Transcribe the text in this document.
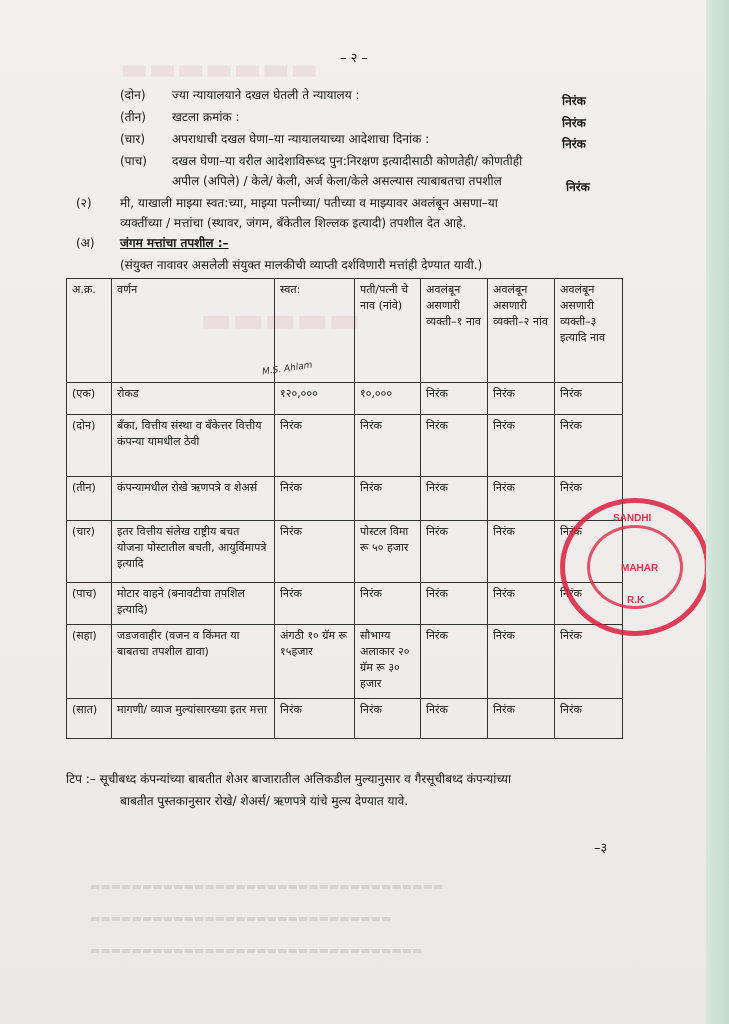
▬▬▬▬▬▬▬
▬▬▬▬▬
– २ –
(दोन) ज्या न्यायालयाने दखल घेतली ते न्यायालय :	निरंक
(तीन) खटला क्रमांक :	निरंक
(चार) अपराधाची दखल घेणा–या न्यायालयाच्या आदेशाचा दिनांक :	निरंक
(पाच) दखल घेणा–या वरील आदेशाविरूध्द पुन:निरक्षण इत्यादीसाठी कोणतेही/ कोणतीही
अपील (अपिले) / केले/ केली, अर्ज केला/केले असल्यास त्याबाबतचा तपशील	निरंक
(२) मी, याखाली माझ्या स्वत:च्या, माझ्या पत्नीच्या/ पतीच्या व माझ्यावर अवलंबून असणा–या
व्यक्तींच्या / मत्तांचा (स्थावर, जंगम, बँकेतील शिल्लक इत्यादी) तपशील देत आहे.
(अ) जंगम मत्तांचा तपशील :–
(संयुक्त नावावर असलेली संयुक्त मालकीची व्याप्ती दर्शविणारी मत्तांही देण्यात यावी.)
अ.क्र.	वर्णन	स्वत:	पती/पत्नी चे नाव (नांवे)	अवलंबून असणारी व्यक्ती–१ नाव	अवलंबून असणारी व्यक्ती–२ नांव	अवलंबून असणारी व्यक्ती–३ इत्यादि नाव
(एक)	रोकड	१२०,०००	१०,०००	निरंक	निरंक	निरंक
(दोन)	बँका, वित्तीय संस्था व बँकेत्तर वित्तीय कंपन्या यामधील ठेवी	निरंक	निरंक	निरंक	निरंक	निरंक
(तीन)	कंपन्यामधील रोखे ऋणपत्रे व शेअर्स	निरंक	निरंक	निरंक	निरंक	निरंक
(चार)	इतर वित्तीय संलेख राष्ट्रीय बचत योजना पोस्टातील बचती, आयुर्विमापत्रे इत्यादि	निरंक	पोस्टल विमा रू ५० हजार	निरंक	निरंक	निरंक
(पाच)	मोटार वाहने (बनावटीचा तपशिल इत्यादि)	निरंक	निरंक	निरंक	निरंक	निरंक
(सहा)	जडजवाहीर (वजन व किंमत या बाबतचा तपशील द्यावा)	अंगठी १० ग्रॅम रू १५हजार	सौभाग्य अलाकार २० ग्रॅम रू ३० हजार	निरंक	निरंक	निरंक
(सात)	मागणी/ व्याज मुल्यांसारख्या इतर मत्ता	निरंक	निरंक	निरंक	निरंक	निरंक
M.S. Ahlam
SANDHI
MAHAR
R.K
टिप :– सूचीबध्द कंपन्यांच्या बाबतीत शेअर बाजारातील अलिकडील मुल्यानुसार व गैरसूचीबध्द कंपन्यांच्या
बाबतीत पुस्तकानुसार रोखे/ शेअर्स/ ऋणपत्रे यांचे मुल्य देण्यात यावे.
–३
▬▬▬▬▬▬▬▬▬▬▬▬▬▬▬▬▬▬▬▬▬▬▬▬▬▬▬▬▬▬▬▬▬▬
▬▬▬▬▬▬▬▬▬▬▬▬▬▬▬▬▬▬▬▬▬▬▬▬▬▬▬▬▬
▬▬▬▬▬▬▬▬▬▬▬▬▬▬▬▬▬▬▬▬▬▬▬▬▬▬▬▬▬▬▬▬
